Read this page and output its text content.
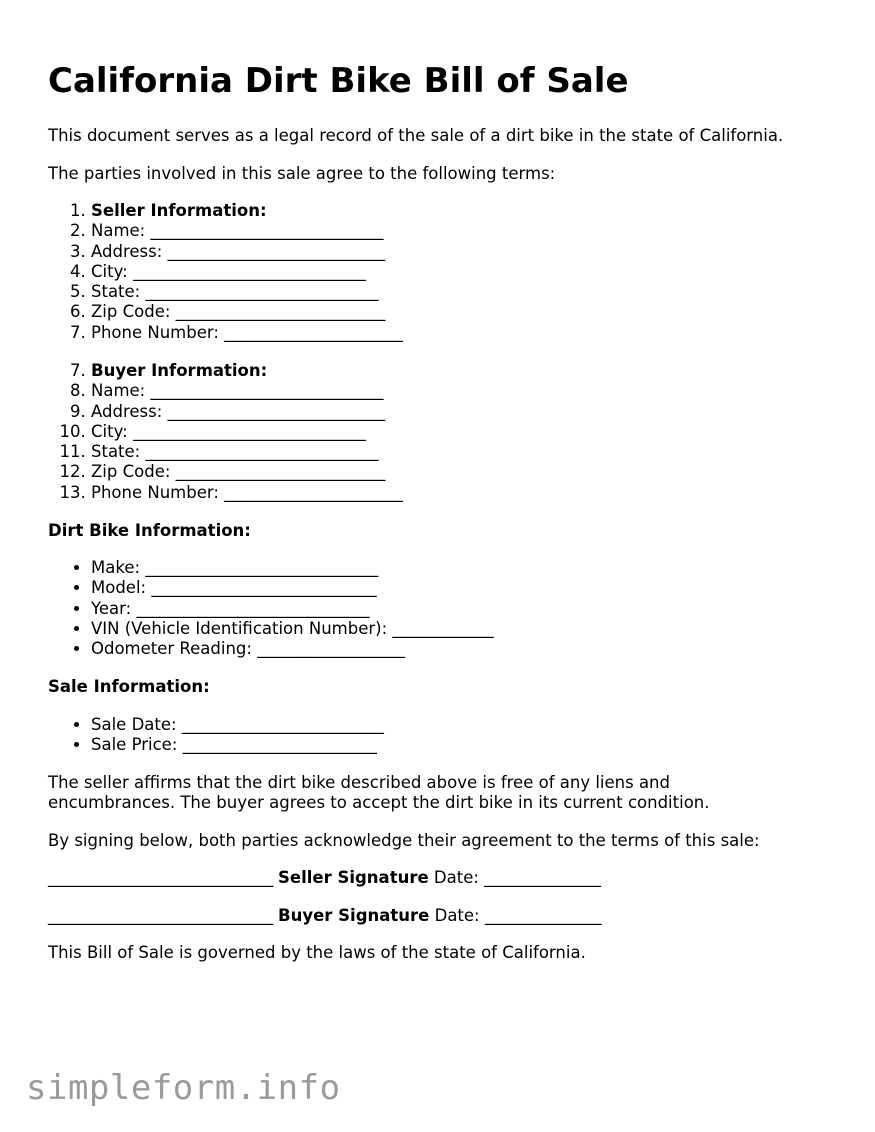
California Dirt Bike Bill of Sale

This document serves as a legal record of the sale of a dirt bike in the state of California.

The parties involved in this sale agree to the following terms:

1. Seller Information:
2. Name: ______________________________
3. Address: ____________________________
4. City: ______________________________
5. State: ______________________________
6. Zip Code: ___________________________
7. Phone Number: _______________________
7. Buyer Information:
8. Name: ______________________________
9. Address: ____________________________
10. City: ______________________________
11. State: ______________________________
12. Zip Code: ___________________________
13. Phone Number: _______________________

Dirt Bike Information:

• Make: ______________________________
• Model: _____________________________
• Year: ______________________________
• VIN (Vehicle Identification Number): _____________
• Odometer Reading: ___________________

Sale Information:

• Sale Date: __________________________
• Sale Price: _________________________

The seller affirms that the dirt bike described above is free of any liens and

encumbrances. The buyer agrees to accept the dirt bike in its current condition.

By signing below, both parties acknowledge their agreement to the terms of this sale:

_____________________________ Seller Signature Date: _______________

_____________________________ Buyer Signature Date: _______________

This Bill of Sale is governed by the laws of the state of California.

simpleform.info
